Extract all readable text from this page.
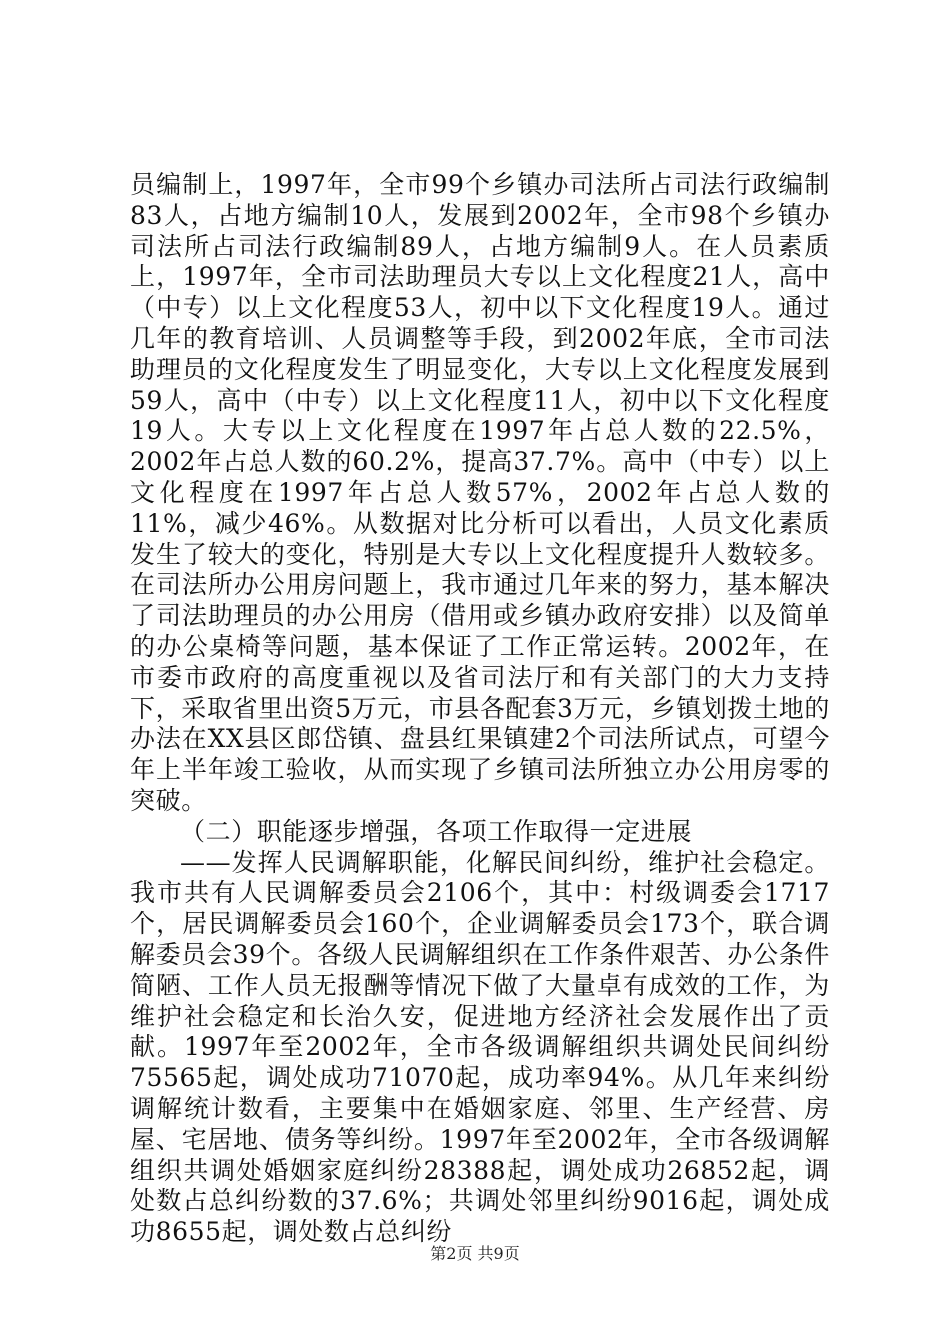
员编制上，1997年，全市99个乡镇办司法所占司法行政编制83人，占地方编制10人，发展到2002年，全市98个乡镇办司法所占司法行政编制89人，占地方编制9人。在人员素质上，1997年，全市司法助理员大专以上文化程度21人，高中（中专）以上文化程度53人，初中以下文化程度19人。通过几年的教育培训、人员调整等手段，到2002年底，全市司法助理员的文化程度发生了明显变化，大专以上文化程度发展到59人，高中（中专）以上文化程度11人，初中以下文化程度19人。大专以上文化程度在1997年占总人数的22.5%，2002年占总人数的60.2%，提高37.7%。高中（中专）以上文化程度在1997年占总人数57%，2002年占总人数的11%，减少46%。从数据对比分析可以看出，人员文化素质发生了较大的变化，特别是大专以上文化程度提升人数较多。在司法所办公用房问题上，我市通过几年来的努力，基本解决了司法助理员的办公用房（借用或乡镇办政府安排）以及简单的办公桌椅等问题，基本保证了工作正常运转。2002年，在市委市政府的高度重视以及省司法厅和有关部门的大力支持下，采取省里出资5万元，市县各配套3万元，乡镇划拨土地的办法在XX县区郎岱镇、盘县红果镇建2个司法所试点，可望今年上半年竣工验收，从而实现了乡镇司法所独立办公用房零的突破。

（二）职能逐步增强，各项工作取得一定进展

——发挥人民调解职能，化解民间纠纷，维护社会稳定。我市共有人民调解委员会2106个，其中：村级调委会1717个，居民调解委员会160个，企业调解委员会173个，联合调解委员会39个。各级人民调解组织在工作条件艰苦、办公条件简陋、工作人员无报酬等情况下做了大量卓有成效的工作，为维护社会稳定和长治久安，促进地方经济社会发展作出了贡献。1997年至2002年，全市各级调解组织共调处民间纠纷75565起，调处成功71070起，成功率94%。从几年来纠纷调解统计数看，主要集中在婚姻家庭、邻里、生产经营、房屋、宅居地、债务等纠纷。1997年至2002年，全市各级调解组织共调处婚姻家庭纠纷28388起，调处成功26852起，调处数占总纠纷数的37.6%；共调处邻里纠纷9016起，调处成功8655起，调处数占总纠纷

第2页 共9页
